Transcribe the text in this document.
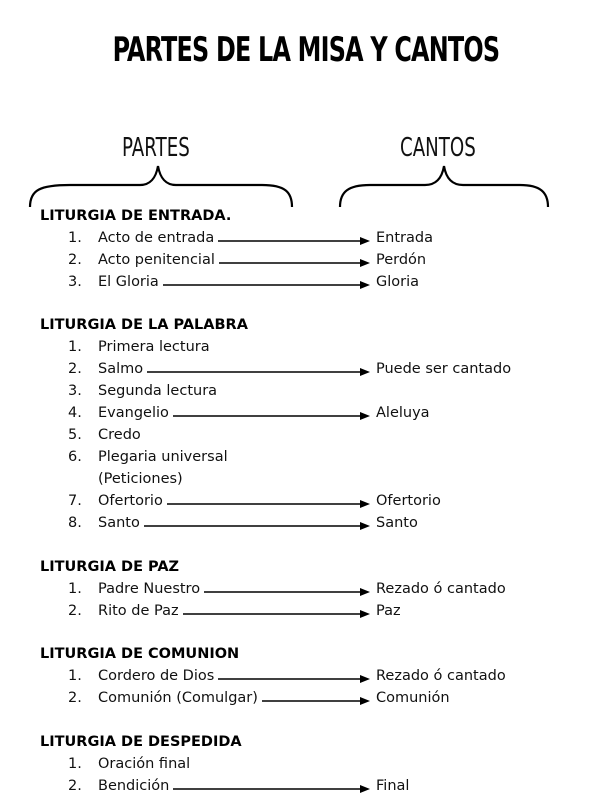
PARTES DE LA MISA Y CANTOS
PARTES	CANTOS
LITURGIA DE ENTRADA.
1.	Acto de entrada	Entrada
2.	Acto penitencial	Perdón
3.	El Gloria	Gloria
LITURGIA DE LA PALABRA
1.	Primera lectura
2.	Salmo	Puede ser cantado
3.	Segunda lectura
4.	Evangelio	Aleluya
5.	Credo
6.	Plegaria universal
(Peticiones)
7.	Ofertorio	Ofertorio
8.	Santo	Santo
LITURGIA DE PAZ
1.	Padre Nuestro	Rezado ó cantado
2.	Rito de Paz	Paz
LITURGIA DE COMUNION
1.	Cordero de Dios	Rezado ó cantado
2.	Comunión (Comulgar)	Comunión
LITURGIA DE DESPEDIDA
1.	Oración final
2.	Bendición	Final
